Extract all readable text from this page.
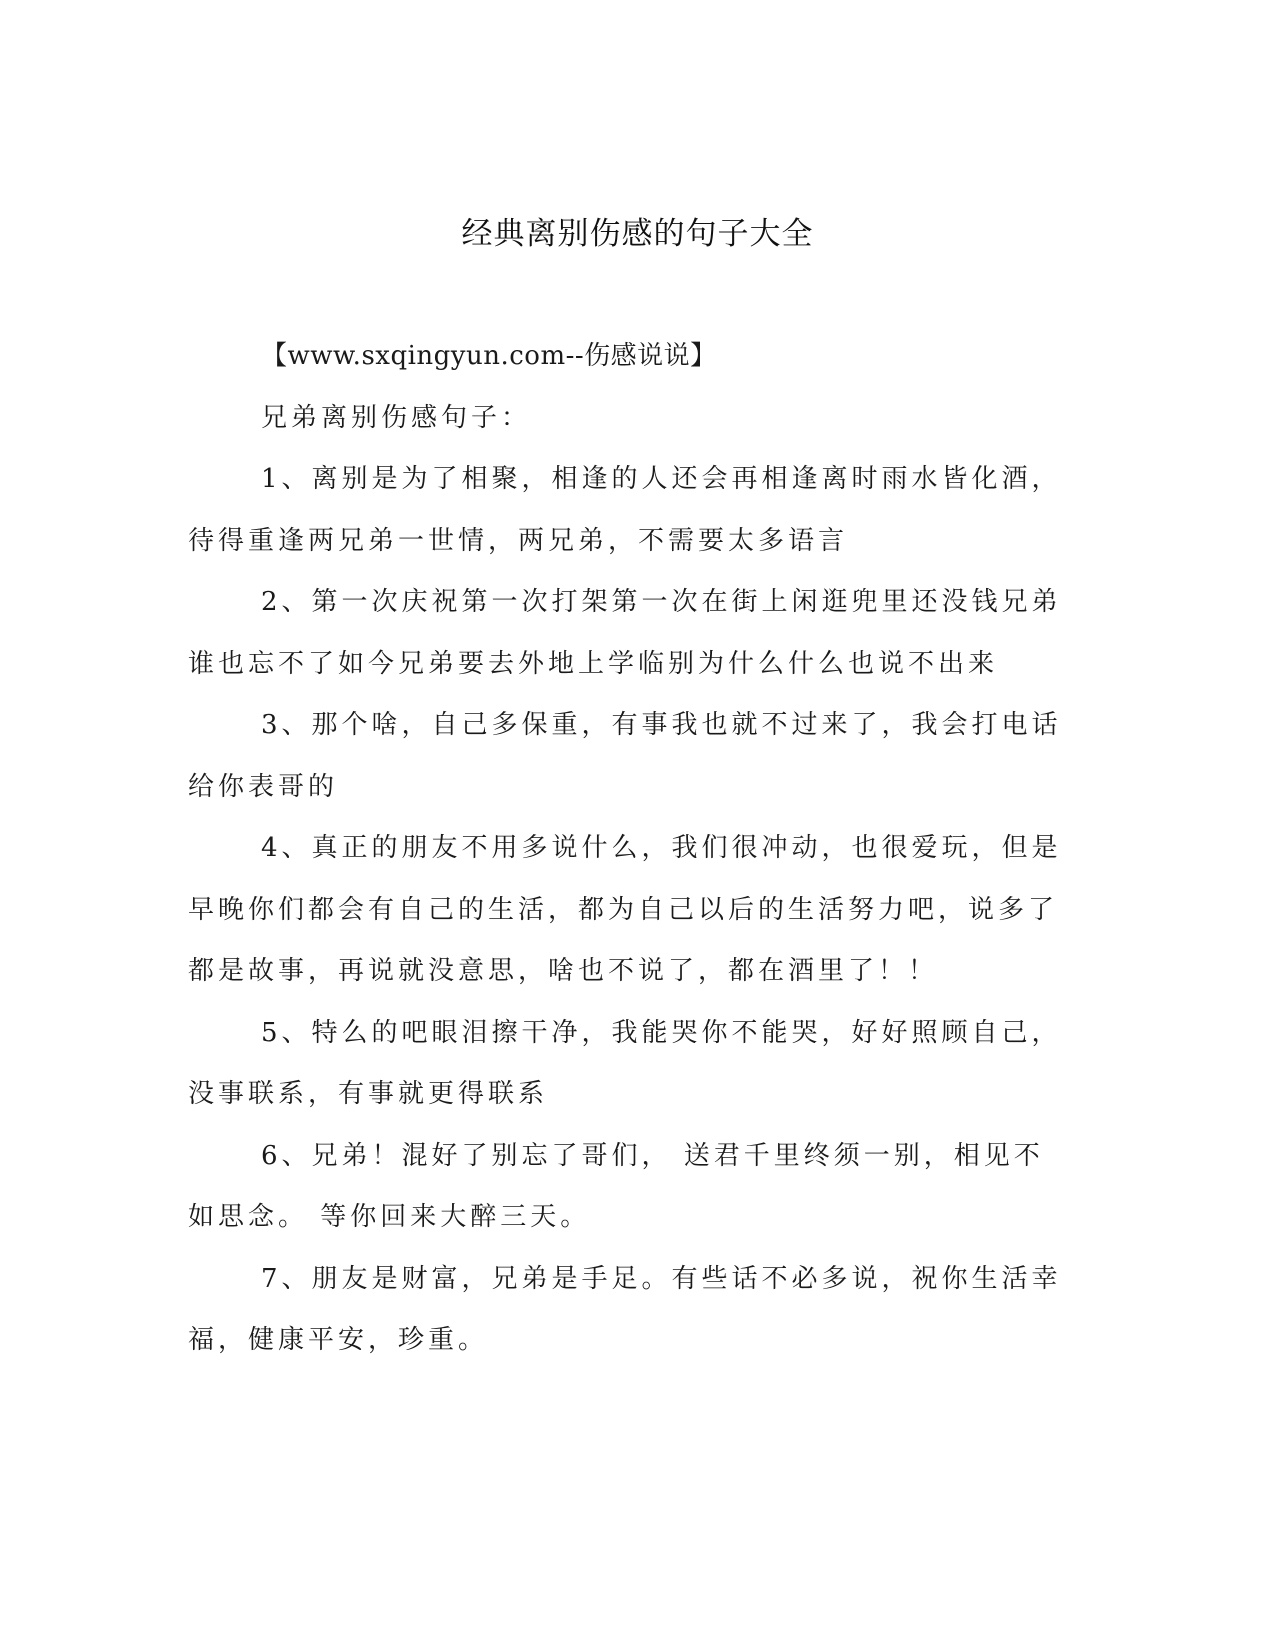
经典离别伤感的句子大全

【www.sxqingyun.com--伤感说说】

兄弟离别伤感句子：

1、离别是为了相聚，相逢的人还会再相逢离时雨水皆化酒，待得重逢两兄弟一世情，两兄弟，不需要太多语言

2、第一次庆祝第一次打架第一次在街上闲逛兜里还没钱兄弟谁也忘不了如今兄弟要去外地上学临别为什么什么也说不出来

3、那个啥，自己多保重，有事我也就不过来了，我会打电话给你表哥的

4、真正的朋友不用多说什么，我们很冲动，也很爱玩，但是早晚你们都会有自己的生活，都为自己以后的生活努力吧，说多了都是故事，再说就没意思，啥也不说了，都在酒里了！！

5、特么的吧眼泪擦干净，我能哭你不能哭，好好照顾自己，没事联系，有事就更得联系

6、兄弟！混好了别忘了哥们， 送君千里终须一别，相见不如思念。 等你回来大醉三天。

7、朋友是财富，兄弟是手足。有些话不必多说，祝你生活幸福，健康平安，珍重。
